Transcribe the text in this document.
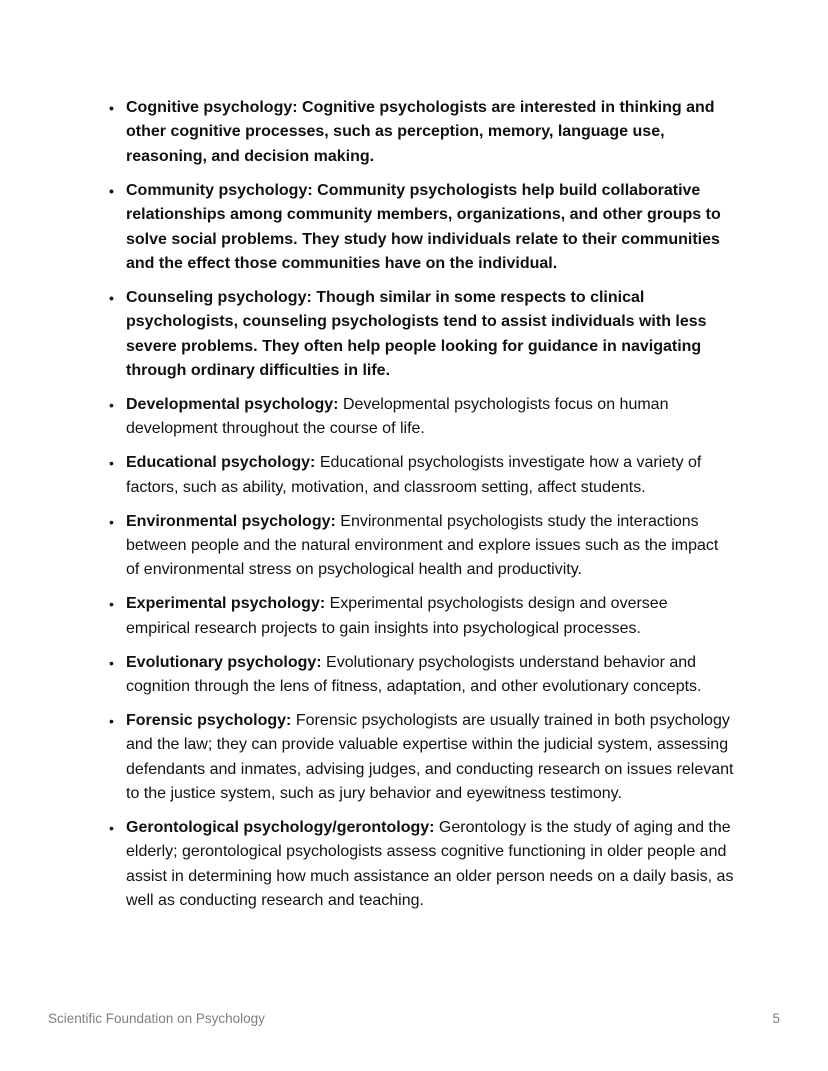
• Cognitive psychology: Cognitive psychologists are interested in thinking and other cognitive processes, such as perception, memory, language use, reasoning, and decision making.
• Community psychology: Community psychologists help build collaborative relationships among community members, organizations, and other groups to solve social problems. They study how individuals relate to their communities and the effect those communities have on the individual.
• Counseling psychology: Though similar in some respects to clinical psychologists, counseling psychologists tend to assist individuals with less severe problems. They often help people looking for guidance in navigating through ordinary difficulties in life.
• Developmental psychology: Developmental psychologists focus on human development throughout the course of life.
• Educational psychology: Educational psychologists investigate how a variety of factors, such as ability, motivation, and classroom setting, affect students.
• Environmental psychology: Environmental psychologists study the interactions between people and the natural environment and explore issues such as the impact of environmental stress on psychological health and productivity.
• Experimental psychology: Experimental psychologists design and oversee empirical research projects to gain insights into psychological processes.
• Evolutionary psychology: Evolutionary psychologists understand behavior and cognition through the lens of fitness, adaptation, and other evolutionary concepts.
• Forensic psychology: Forensic psychologists are usually trained in both psychology and the law; they can provide valuable expertise within the judicial system, assessing defendants and inmates, advising judges, and conducting research on issues relevant to the justice system, such as jury behavior and eyewitness testimony.
• Gerontological psychology/gerontology: Gerontology is the study of aging and the elderly; gerontological psychologists assess cognitive functioning in older people and assist in determining how much assistance an older person needs on a daily basis, as well as conducting research and teaching.
Scientific Foundation on Psychology	5
